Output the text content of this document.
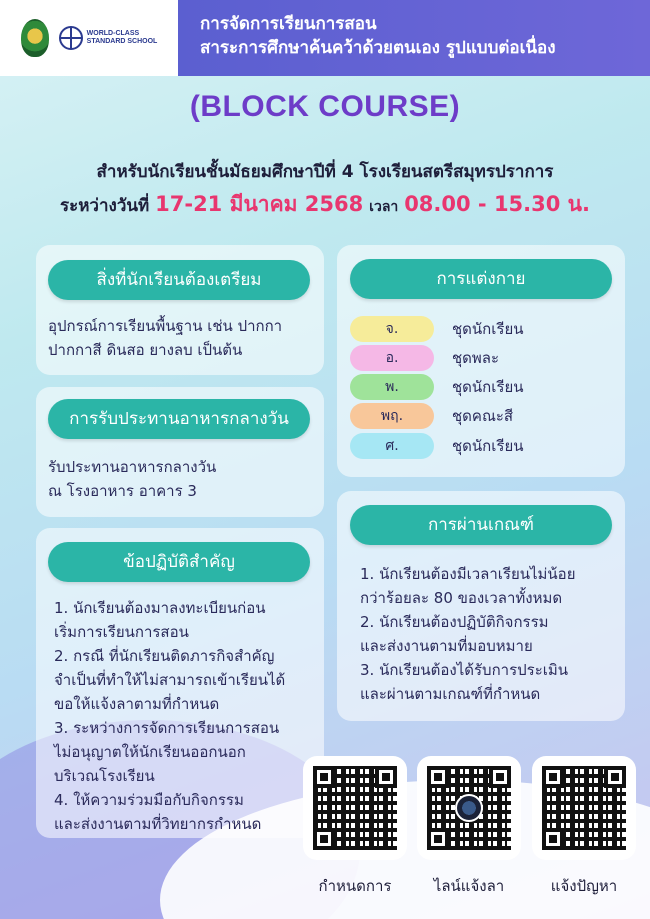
WORLD-CLASS
STANDARD SCHOOL
การจัดการเรียนการสอน
สาระการศึกษาค้นคว้าด้วยตนเอง รูปแบบต่อเนื่อง
(BLOCK COURSE)
สำหรับนักเรียนชั้นมัธยมศึกษาปีที่ 4 โรงเรียนสตรีสมุทรปราการ
ระหว่างวันที่ 17-21 มีนาคม 2568 เวลา 08.00 - 15.30 น.
สิ่งที่นักเรียนต้องเตรียม
อุปกรณ์การเรียนพื้นฐาน เช่น ปากกา
ปากกาสี ดินสอ ยางลบ เป็นต้น
การรับประทานอาหารกลางวัน
รับประทานอาหารกลางวัน
ณ โรงอาหาร อาคาร 3
ข้อปฏิบัติสำคัญ
1. นักเรียนต้องมาลงทะเบียนก่อน
เริ่มการเรียนการสอน
2. กรณี ที่นักเรียนติดภารกิจสำคัญ
จำเป็นที่ทำให้ไม่สามารถเข้าเรียนได้
ขอให้แจ้งลาตามที่กำหนด
3. ระหว่างการจัดการเรียนการสอน
ไม่อนุญาตให้นักเรียนออกนอก
บริเวณโรงเรียน
4. ให้ความร่วมมือกับกิจกรรม
และส่งงานตามที่วิทยากรกำหนด
การแต่งกาย
จ.	ชุดนักเรียน
อ.	ชุดพละ
พ.	ชุดนักเรียน
พฤ.	ชุดคณะสี
ศ.	ชุดนักเรียน
การผ่านเกณฑ์
1. นักเรียนต้องมีเวลาเรียนไม่น้อย
กว่าร้อยละ 80 ของเวลาทั้งหมด
2. นักเรียนต้องปฏิบัติกิจกรรม
และส่งงานตามที่มอบหมาย
3. นักเรียนต้องได้รับการประเมิน
และผ่านตามเกณฑ์ที่กำหนด
กำหนดการ	ไลน์แจ้งลา	แจ้งปัญหา
